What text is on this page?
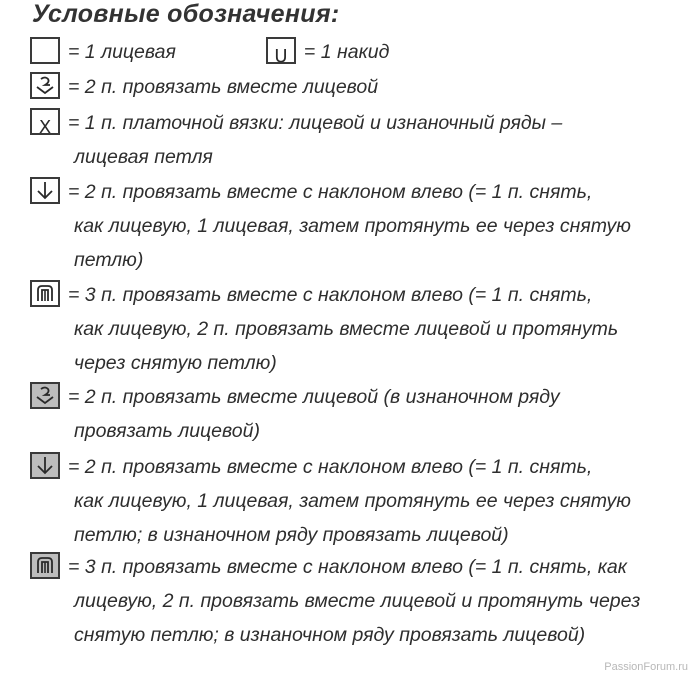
Условные обозначения:
= 1 лицевая	U = 1 накид
= 2 п. провязать вместе лицевой
X = 1 п. платочной вязки: лицевой и изнаночный ряды –
лицевая петля
= 2 п. провязать вместе с наклоном влево (= 1 п. снять,
как лицевую, 1 лицевая, затем протянуть ее через снятую
петлю)
= 3 п. провязать вместе с наклоном влево (= 1 п. снять,
как лицевую, 2 п. провязать вместе лицевой и протянуть
через снятую петлю)
= 2 п. провязать вместе лицевой (в изнаночном ряду
провязать лицевой)
= 2 п. провязать вместе с наклоном влево (= 1 п. снять,
как лицевую, 1 лицевая, затем протянуть ее через снятую
петлю; в изнаночном ряду провязать лицевой)
= 3 п. провязать вместе с наклоном влево (= 1 п. снять, как
лицевую, 2 п. провязать вместе лицевой и протянуть через
снятую петлю; в изнаночном ряду провязать лицевой)
PassionForum.ru
